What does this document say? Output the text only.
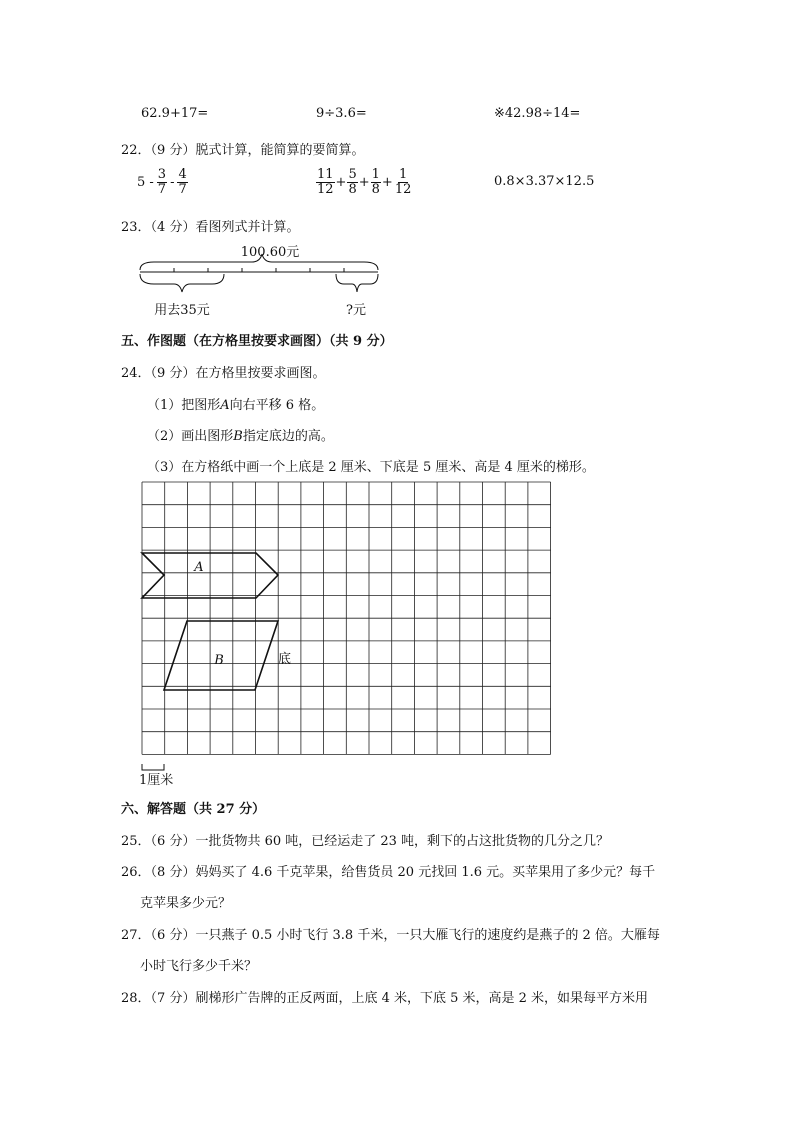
62.9+17=	9÷3.6=	※42.98÷14=
22．（9 分）脱式计算，能简算的要简算。
$5 - \frac{3}{7} - \frac{4}{7}$	$\frac{11}{12} + \frac{5}{8} + \frac{1}{8} + \frac{1}{12}$	0.8×3.37×12.5
23．（4 分）看图列式并计算。
100.60元
用去35元	?元
五、作图题（在方格里按要求画图）（共 9 分）
24．（9 分）在方格里按要求画图。
（1）把图形A向右平移 6 格。
（2）画出图形B指定底边的高。
（3）在方格纸中画一个上底是 2 厘米、下底是 5 厘米、高是 4 厘米的梯形。
A
B	底
1厘米
六、解答题（共 27 分）
25．（6 分）一批货物共 60 吨，已经运走了 23 吨，剩下的占这批货物的几分之几？
26．（8 分）妈妈买了 4.6 千克苹果，给售货员 20 元找回 1.6 元。买苹果用了多少元？每千
克苹果多少元？
27．（6 分）一只燕子 0.5 小时飞行 3.8 千米，一只大雁飞行的速度约是燕子的 2 倍。大雁每
小时飞行多少千米？
28．（7 分）刷梯形广告牌的正反两面，上底 4 米，下底 5 米，高是 2 米，如果每平方米用
